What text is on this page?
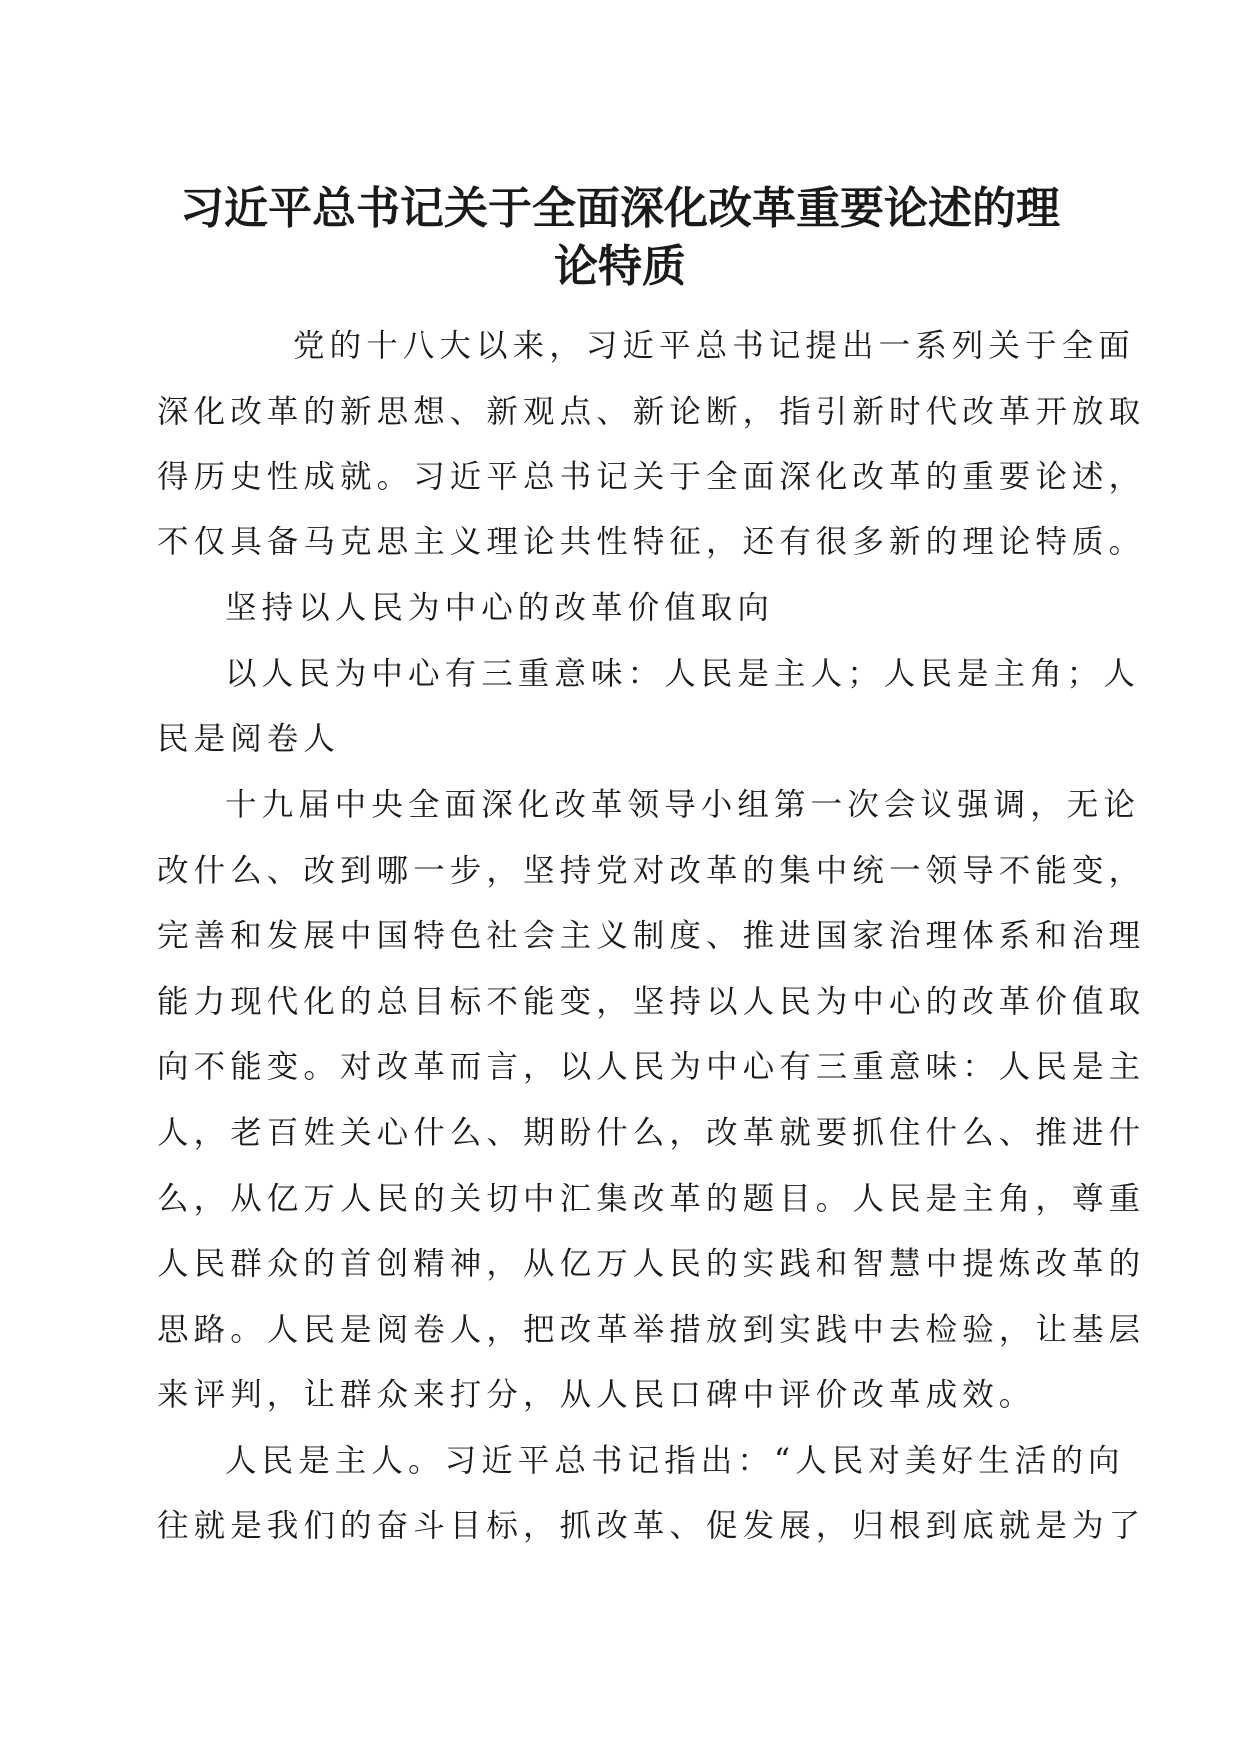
习近平总书记关于全面深化改革重要论述的理
论特质

党的十八大以来，习近平总书记提出一系列关于全面

深化改革的新思想、新观点、新论断，指引新时代改革开放取

得历史性成就。习近平总书记关于全面深化改革的重要论述，

不仅具备马克思主义理论共性特征，还有很多新的理论特质。

坚持以人民为中心的改革价值取向

以人民为中心有三重意味：人民是主人；人民是主角；人

民是阅卷人

十九届中央全面深化改革领导小组第一次会议强调，无论

改什么、改到哪一步，坚持党对改革的集中统一领导不能变，

完善和发展中国特色社会主义制度、推进国家治理体系和治理

能力现代化的总目标不能变，坚持以人民为中心的改革价值取

向不能变。对改革而言，以人民为中心有三重意味：人民是主

人，老百姓关心什么、期盼什么，改革就要抓住什么、推进什

么，从亿万人民的关切中汇集改革的题目。人民是主角，尊重

人民群众的首创精神，从亿万人民的实践和智慧中提炼改革的

思路。人民是阅卷人，把改革举措放到实践中去检验，让基层

来评判，让群众来打分，从人民口碑中评价改革成效。

人民是主人。习近平总书记指出：“人民对美好生活的向

往就是我们的奋斗目标，抓改革、促发展，归根到底就是为了
